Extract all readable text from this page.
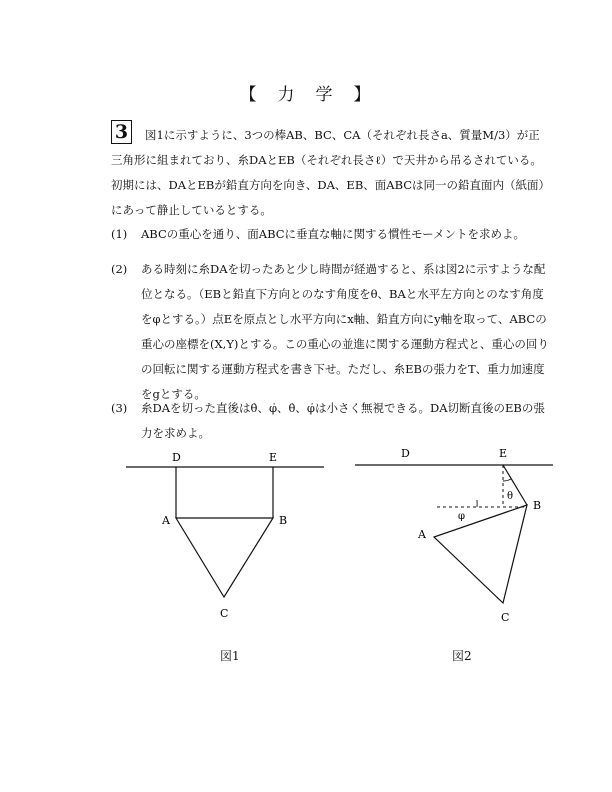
【　力　学　】
3	図1に示すように、3つの棒AB、BC、CA（それぞれ長さa、質量M/3）が正三角形に組まれており、糸DAとEB（それぞれ長さℓ）で天井から吊るされている。初期には、DAとEBが鉛直方向を向き、DA、EB、面ABCは同一の鉛直面内（紙面）にあって静止しているとする。
(1)	ABCの重心を通り、面ABCに垂直な軸に関する慣性モーメントを求めよ。
(2)	ある時刻に糸DAを切ったあと少し時間が経過すると、系は図2に示すような配位となる。（EBと鉛直下方向とのなす角度をθ、BAと水平左方向とのなす角度をφとする。）点Eを原点とし水平方向にx軸、鉛直方向にy軸を取って、ABCの重心の座標を(X,Y)とする。この重心の並進に関する運動方程式と、重心の回りの回転に関する運動方程式を書き下せ。ただし、糸EBの張力をT、重力加速度をgとする。
(3)	糸DAを切った直後はθ̇、φ̇、θ̇、φ̇は小さく無視できる。DA切断直後のEBの張力を求めよ。
D	E
A	B
C
図1
D	E
A
B
C
θ
φ
図2
